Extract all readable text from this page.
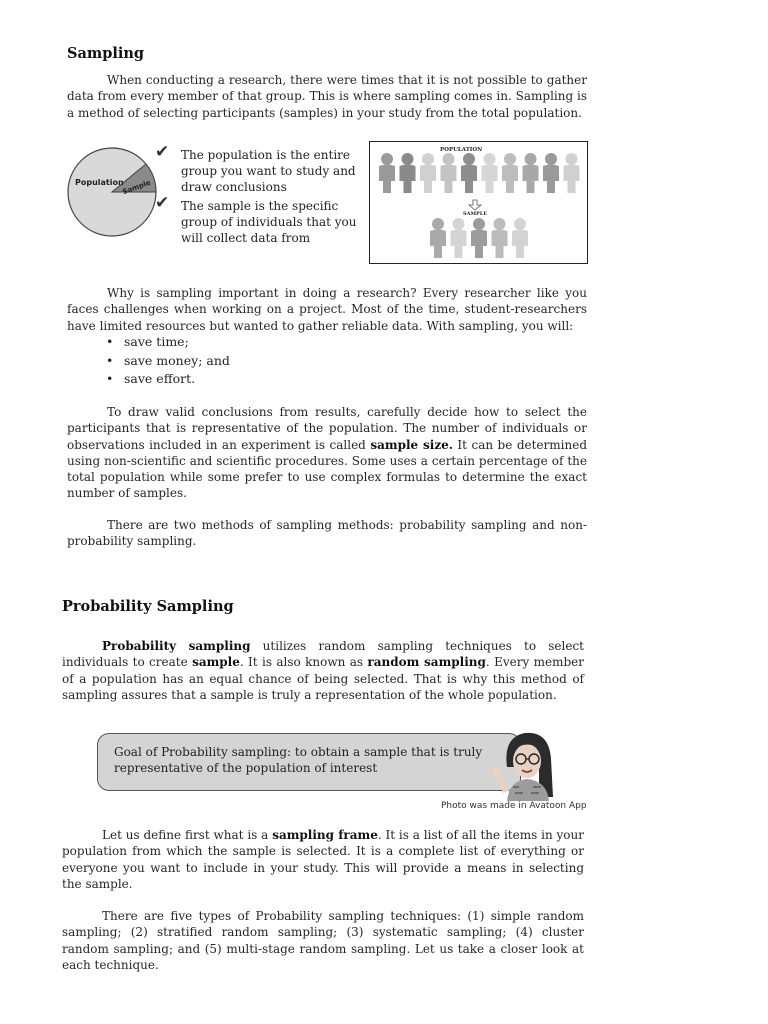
Sampling

When conducting a research, there were times that it is not possible to gather data from every member of that group. This is where sampling comes in. Sampling is a method of selecting participants (samples) in your study from the total population.

Population
Sample
✔ The population is the entire group you want to study and draw conclusions
✔ The sample is the specific group of individuals that you will collect data from
POPULATION
SAMPLE

Why is sampling important in doing a research? Every researcher like you faces challenges when working on a project. Most of the time, student-researchers have limited resources but wanted to gather reliable data. With sampling, you will:

• save time;
• save money; and
• save effort.

To draw valid conclusions from results, carefully decide how to select the participants that is representative of the population. The number of individuals or observations included in an experiment is called sample size. It can be determined using non-scientific and scientific procedures. Some uses a certain percentage of the total population while some prefer to use complex formulas to determine the exact number of samples.

There are two methods of sampling methods: probability sampling and non-probability sampling.

Probability Sampling

Probability sampling utilizes random sampling techniques to select individuals to create sample. It is also known as random sampling. Every member of a population has an equal chance of being selected. That is why this method of sampling assures that a sample is truly a representation of the whole population.

Goal of Probability sampling: to obtain a sample that is truly representative of the population of interest
Photo was made in Avatoon App

Let us define first what is a sampling frame. It is a list of all the items in your population from which the sample is selected. It is a complete list of everything or everyone you want to include in your study. This will provide a means in selecting the sample.

There are five types of Probability sampling techniques: (1) simple random sampling; (2) stratified random sampling; (3) systematic sampling; (4) cluster random sampling; and (5) multi-stage random sampling. Let us take a closer look at each technique.
